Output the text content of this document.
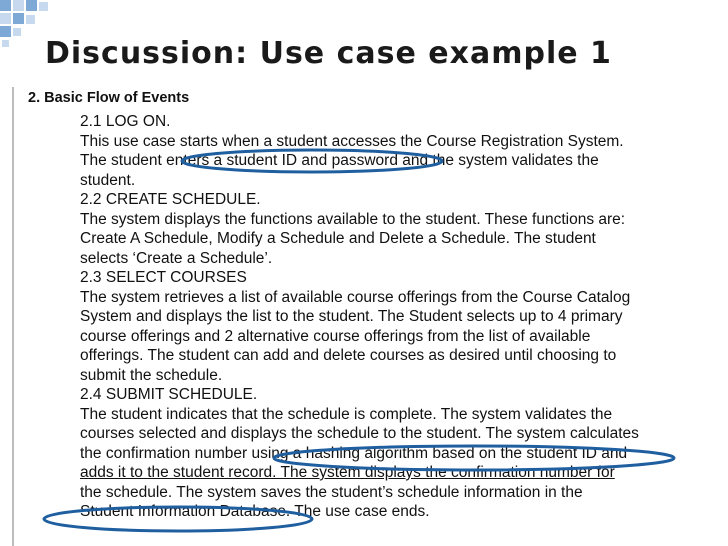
Discussion: Use case example 1
2. Basic Flow of Events
2.1 LOG ON.
This use case starts when a student accesses the Course Registration System.
The student enters a student ID and password and the system validates the
student.
2.2 CREATE SCHEDULE.
The system displays the functions available to the student. These functions are:
Create A Schedule, Modify a Schedule and Delete a Schedule. The student
selects ‘Create a Schedule’.
2.3 SELECT COURSES
The system retrieves a list of available course offerings from the Course Catalog
System and displays the list to the student. The Student selects up to 4 primary
course offerings and 2 alternative course offerings from the list of available
offerings. The student can add and delete courses as desired until choosing to
submit the schedule.
2.4 SUBMIT SCHEDULE.
The student indicates that the schedule is complete. The system validates the
courses selected and displays the schedule to the student. The system calculates
the confirmation number using a hashing algorithm based on the student ID and
adds it to the student record. The system displays the confirmation number for
the schedule. The system saves the student’s schedule information in the
Student Information Database. The use case ends.
